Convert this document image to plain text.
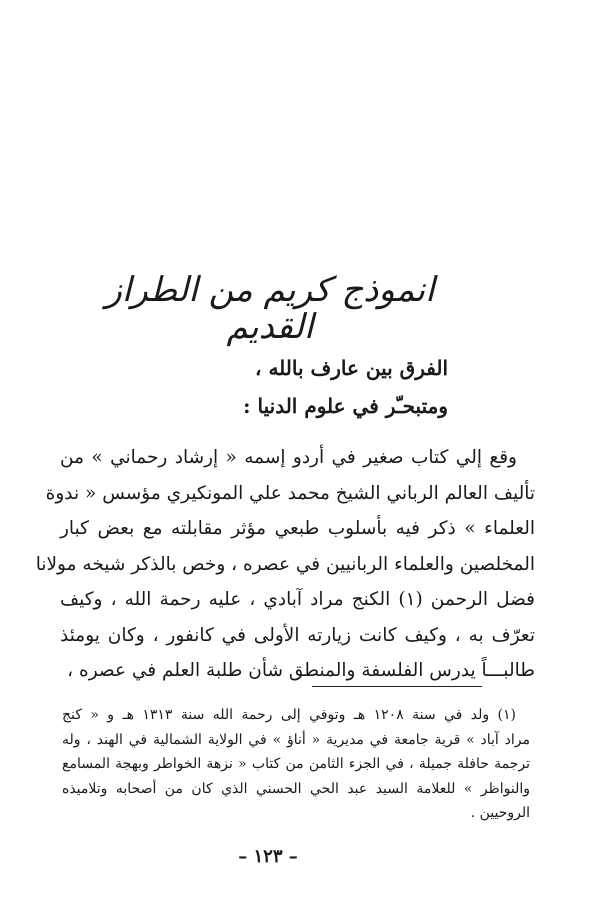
انموذج كريم من الطراز القديم
الفرق بين عارف بالله ،
ومتبحـّر في علوم الدنيا :
وقع إلي كتاب صغير في أردو إسمه « إرشاد رحماني » من
تأليف العالم الرباني الشيخ محمد علي المونكيري مؤسس « ندوة
العلماء » ذكر فيه بأسلوب طبعي مؤثر مقابلته مع بعض كبار
المخلصين والعلماء الربانيين في عصره ، وخص بالذكر شيخه مولانا
فضل الرحمن (١) الكنج مراد آبادي ، عليه رحمة الله ، وكيف
تعرّف به ، وكيف كانت زيارته الأولى في كانفور ، وكان يومئذ
طالبـــاً يدرس الفلسفة والمنطق شأن طلبة العلم في عصره ،
(١) ولد في سنة ١٢٠٨ هـ وتوفي إلى رحمة الله سنة ١٣١٣ هـ و « كنج
مراد آباد » قرية جامعة في مديرية « أناؤ » في الولاية الشمالية في الهند ، وله
ترجمة حافلة جميلة ، في الجزء الثامن من كتاب « نزهة الخواطر وبهجة المسامع
والنواظر » للعلامة السيد عبد الحي الحسني الذي كان من أصحابه وتلاميذه
الروحيين .
– ١٢٣ –
